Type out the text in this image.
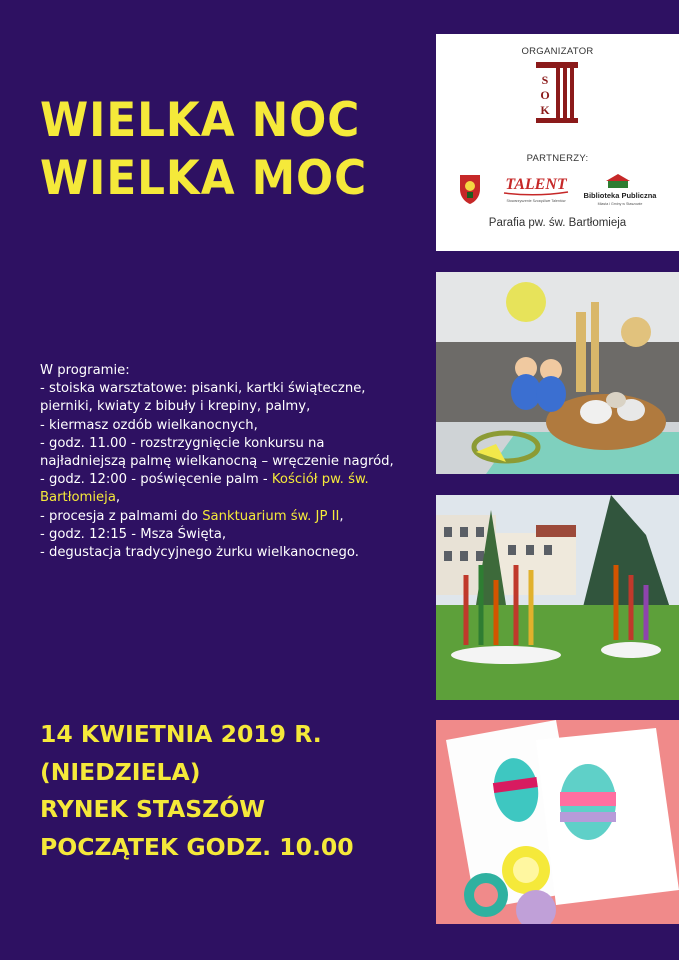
WIELKA NOC
WIELKA MOC
W programie:
- stoiska warsztatowe: pisanki, kartki świąteczne, pierniki, kwiaty z bibuły i krepiny, palmy,
- kiermasz ozdób wielkanocnych,
- godz. 11.00 - rozstrzygnięcie konkursu na najładniejszą palmę wielkanocną – wręczenie nagród,
- godz. 12:00 - poświęcenie palm - Kościół pw. św. Bartłomieja,
- procesja z palmami do Sanktuarium św. JP II,
- godz. 12:15 - Msza Święta,
- degustacja tradycyjnego żurku wielkanocnego.
14 KWIETNIA 2019 R.
(NIEDZIELA)
RYNEK STASZÓW
POCZĄTEK GODZ. 10.00
ORGANIZATOR
S
O
K
PARTNERZY:
TALENT
Stowarzyszenie Szczęśliwe Talentów
Biblioteka Publiczna
Miasta i Gminy w Staszowie
Parafia pw. św. Bartłomieja
